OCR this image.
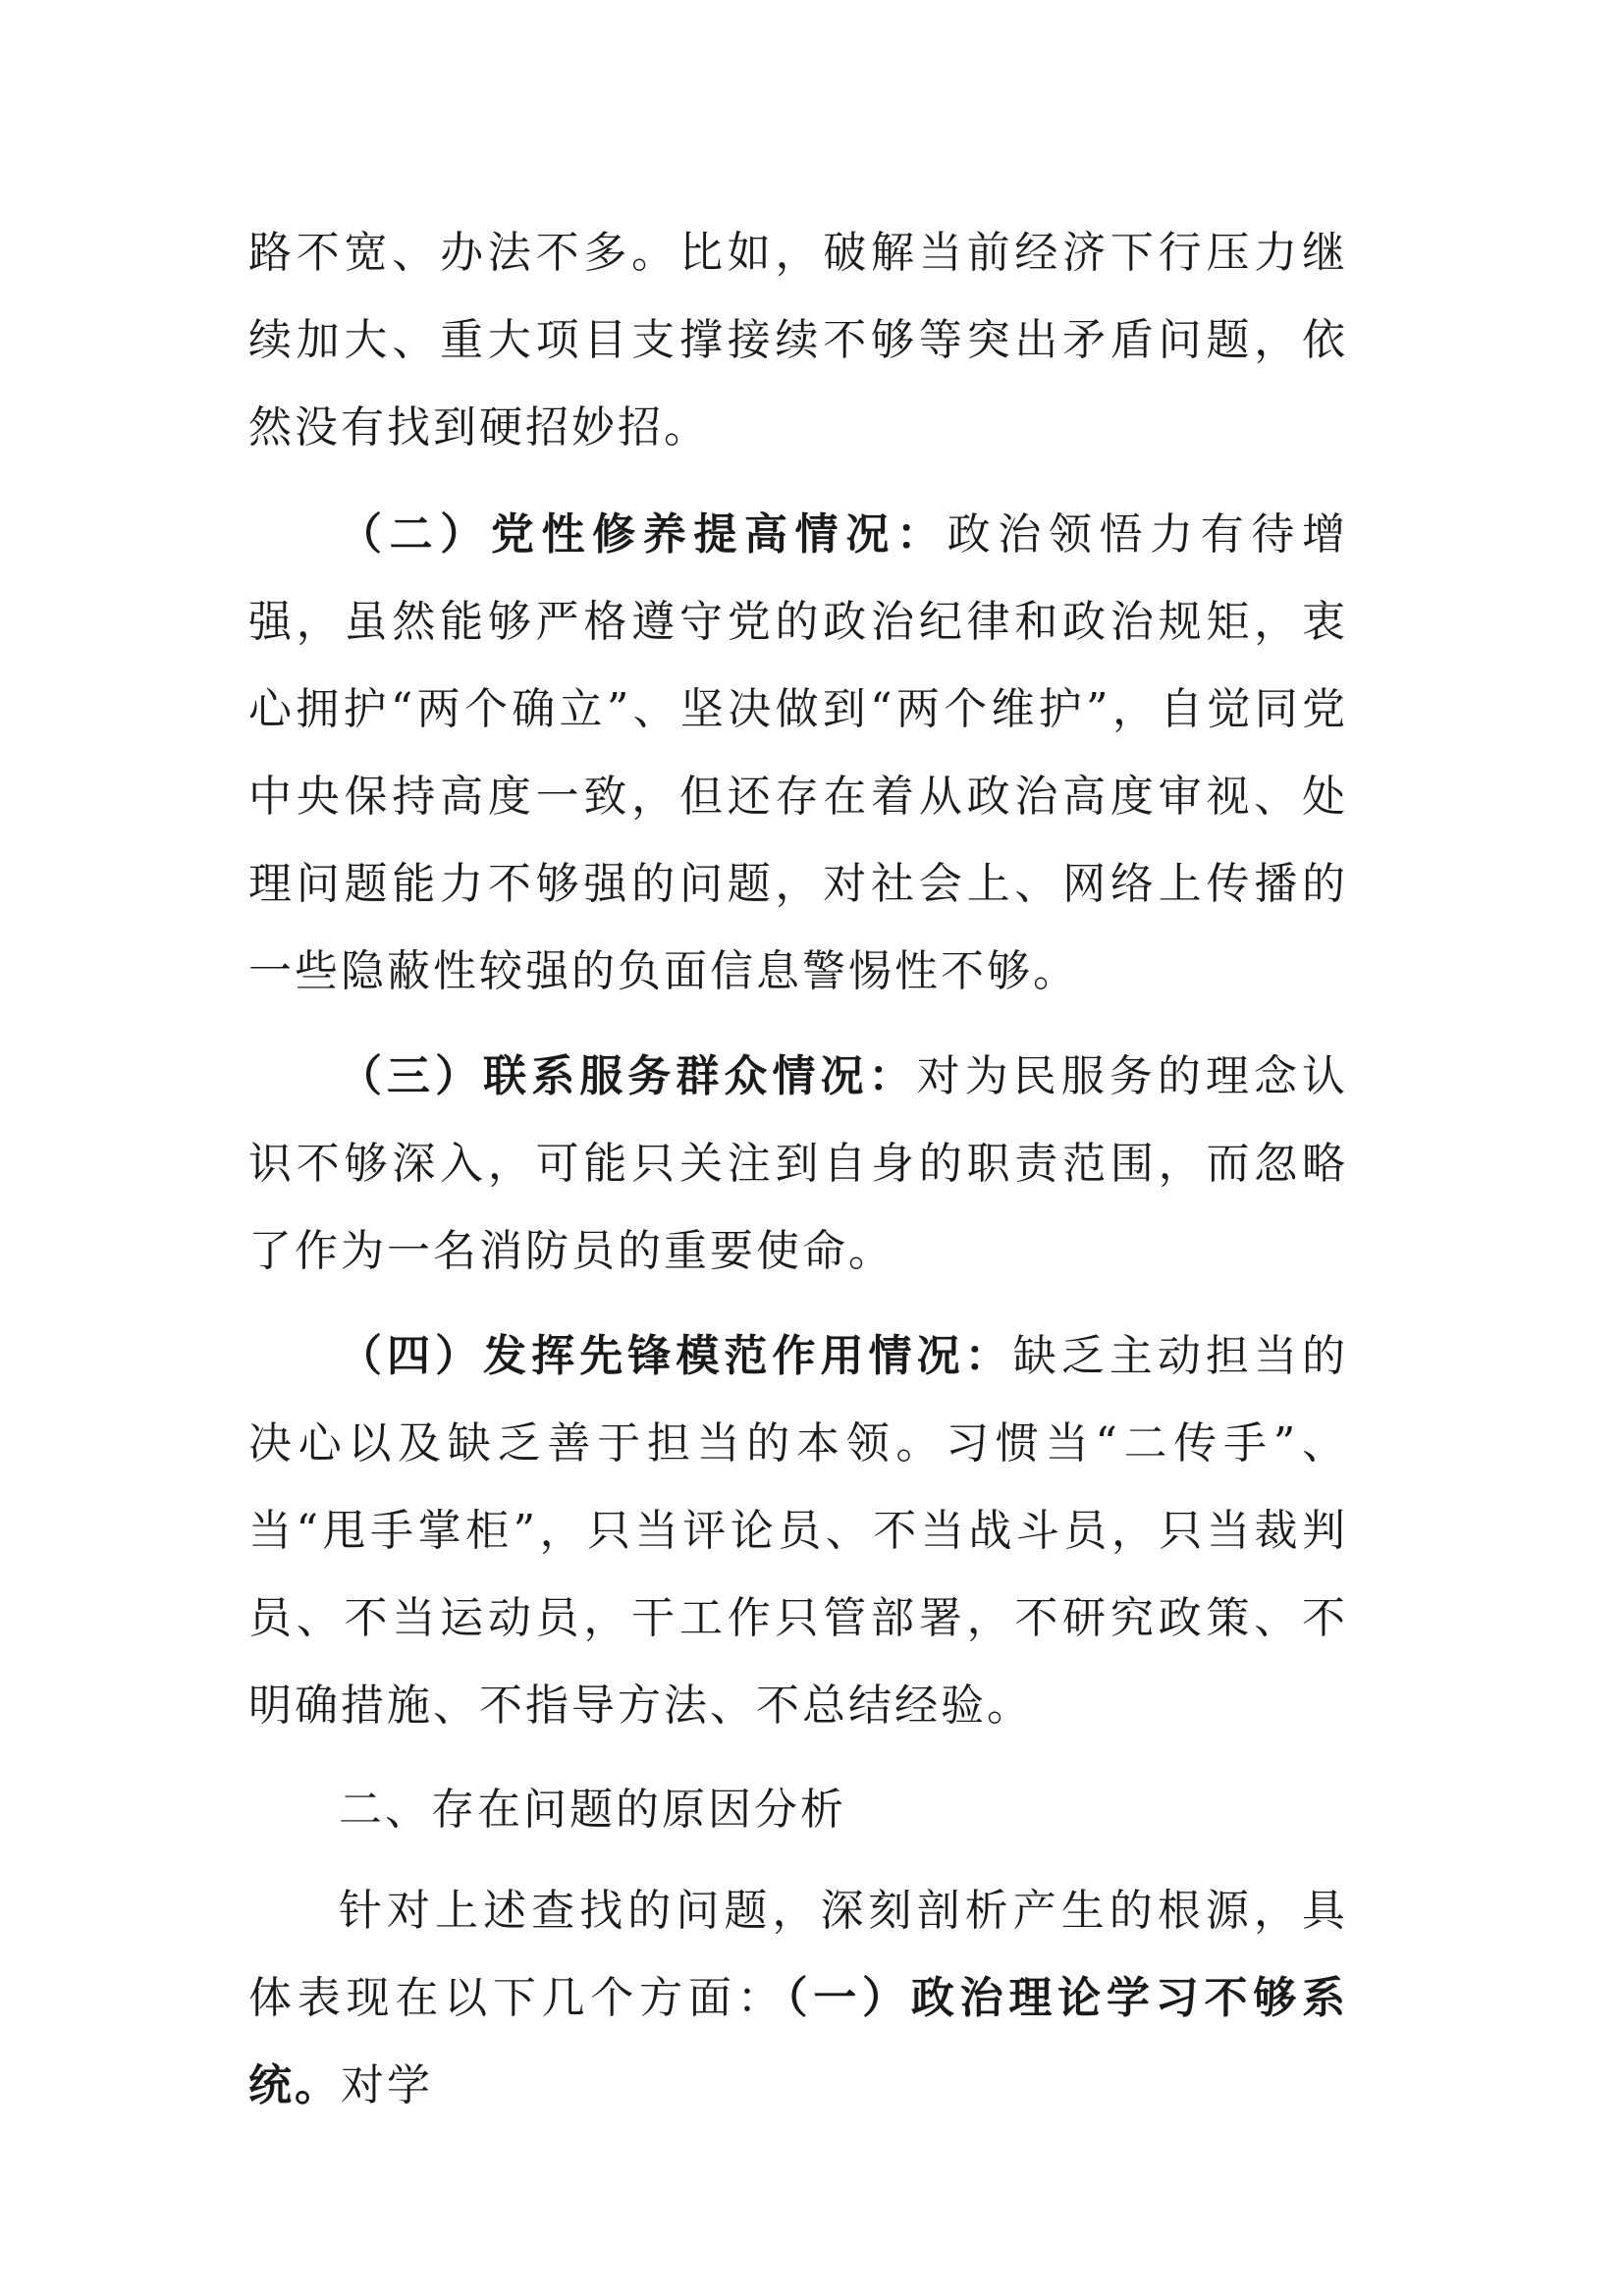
路不宽、办法不多。比如，破解当前经济下行压力继续加大、重大项目支撑接续不够等突出矛盾问题，依然没有找到硬招妙招。

（二）党性修养提高情况：政治领悟力有待增强，虽然能够严格遵守党的政治纪律和政治规矩，衷心拥护“两个确立”、坚决做到“两个维护”，自觉同党中央保持高度一致，但还存在着从政治高度审视、处理问题能力不够强的问题，对社会上、网络上传播的一些隐蔽性较强的负面信息警惕性不够。

（三）联系服务群众情况：对为民服务的理念认识不够深入，可能只关注到自身的职责范围，而忽略了作为一名消防员的重要使命。

（四）发挥先锋模范作用情况：缺乏主动担当的决心以及缺乏善于担当的本领。习惯当“二传手”、当“甩手掌柜”，只当评论员、不当战斗员，只当裁判员、不当运动员，干工作只管部署，不研究政策、不明确措施、不指导方法、不总结经验。

二、存在问题的原因分析

针对上述查找的问题，深刻剖析产生的根源，具体表现在以下几个方面：（一）政治理论学习不够系统。对学
